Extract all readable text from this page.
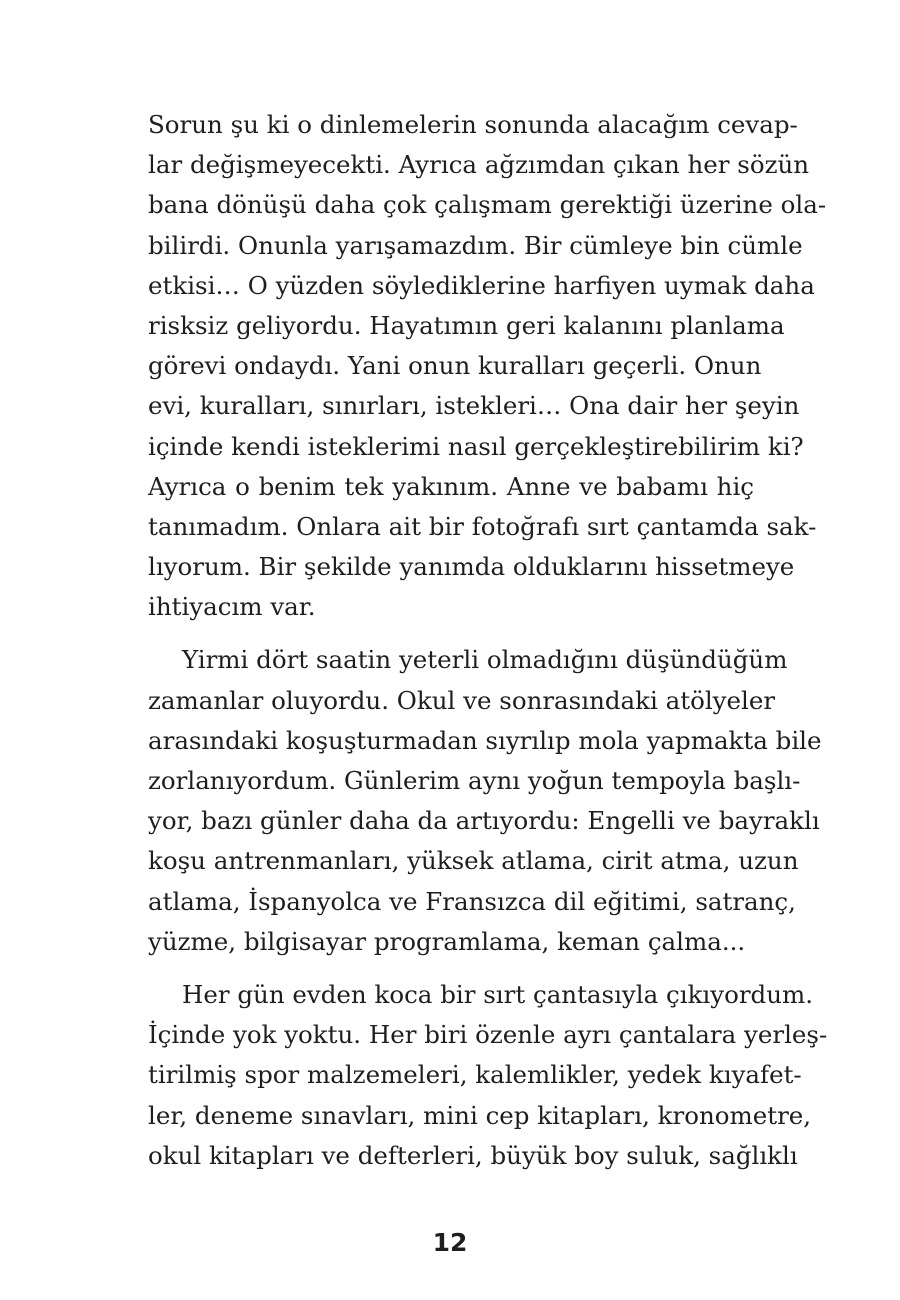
Sorun şu ki o dinlemelerin sonunda alacağım cevap-
lar değişmeyecekti. Ayrıca ağzımdan çıkan her sözün
bana dönüşü daha çok çalışmam gerektiği üzerine ola-
bilirdi. Onunla yarışamazdım. Bir cümleye bin cümle
etkisi… O yüzden söylediklerine harfiyen uymak daha
risksiz geliyordu. Hayatımın geri kalanını planlama
görevi ondaydı. Yani onun kuralları geçerli. Onun
evi, kuralları, sınırları, istekleri… Ona dair her şeyin
içinde kendi isteklerimi nasıl gerçekleştirebilirim ki?
Ayrıca o benim tek yakınım. Anne ve babamı hiç
tanımadım. Onlara ait bir fotoğrafı sırt çantamda sak-
lıyorum. Bir şekilde yanımda olduklarını hissetmeye
ihtiyacım var.
Yirmi dört saatin yeterli olmadığını düşündüğüm
zamanlar oluyordu. Okul ve sonrasındaki atölyeler
arasındaki koşuşturmadan sıyrılıp mola yapmakta bile
zorlanıyordum. Günlerim aynı yoğun tempoyla başlı-
yor, bazı günler daha da artıyordu: Engelli ve bayraklı
koşu antrenmanları, yüksek atlama, cirit atma, uzun
atlama, İspanyolca ve Fransızca dil eğitimi, satranç,
yüzme, bilgisayar programlama, keman çalma...
Her gün evden koca bir sırt çantasıyla çıkıyordum.
İçinde yok yoktu. Her biri özenle ayrı çantalara yerleş-
tirilmiş spor malzemeleri, kalemlikler, yedek kıyafet-
ler, deneme sınavları, mini cep kitapları, kronometre,
okul kitapları ve defterleri, büyük boy suluk, sağlıklı
12
